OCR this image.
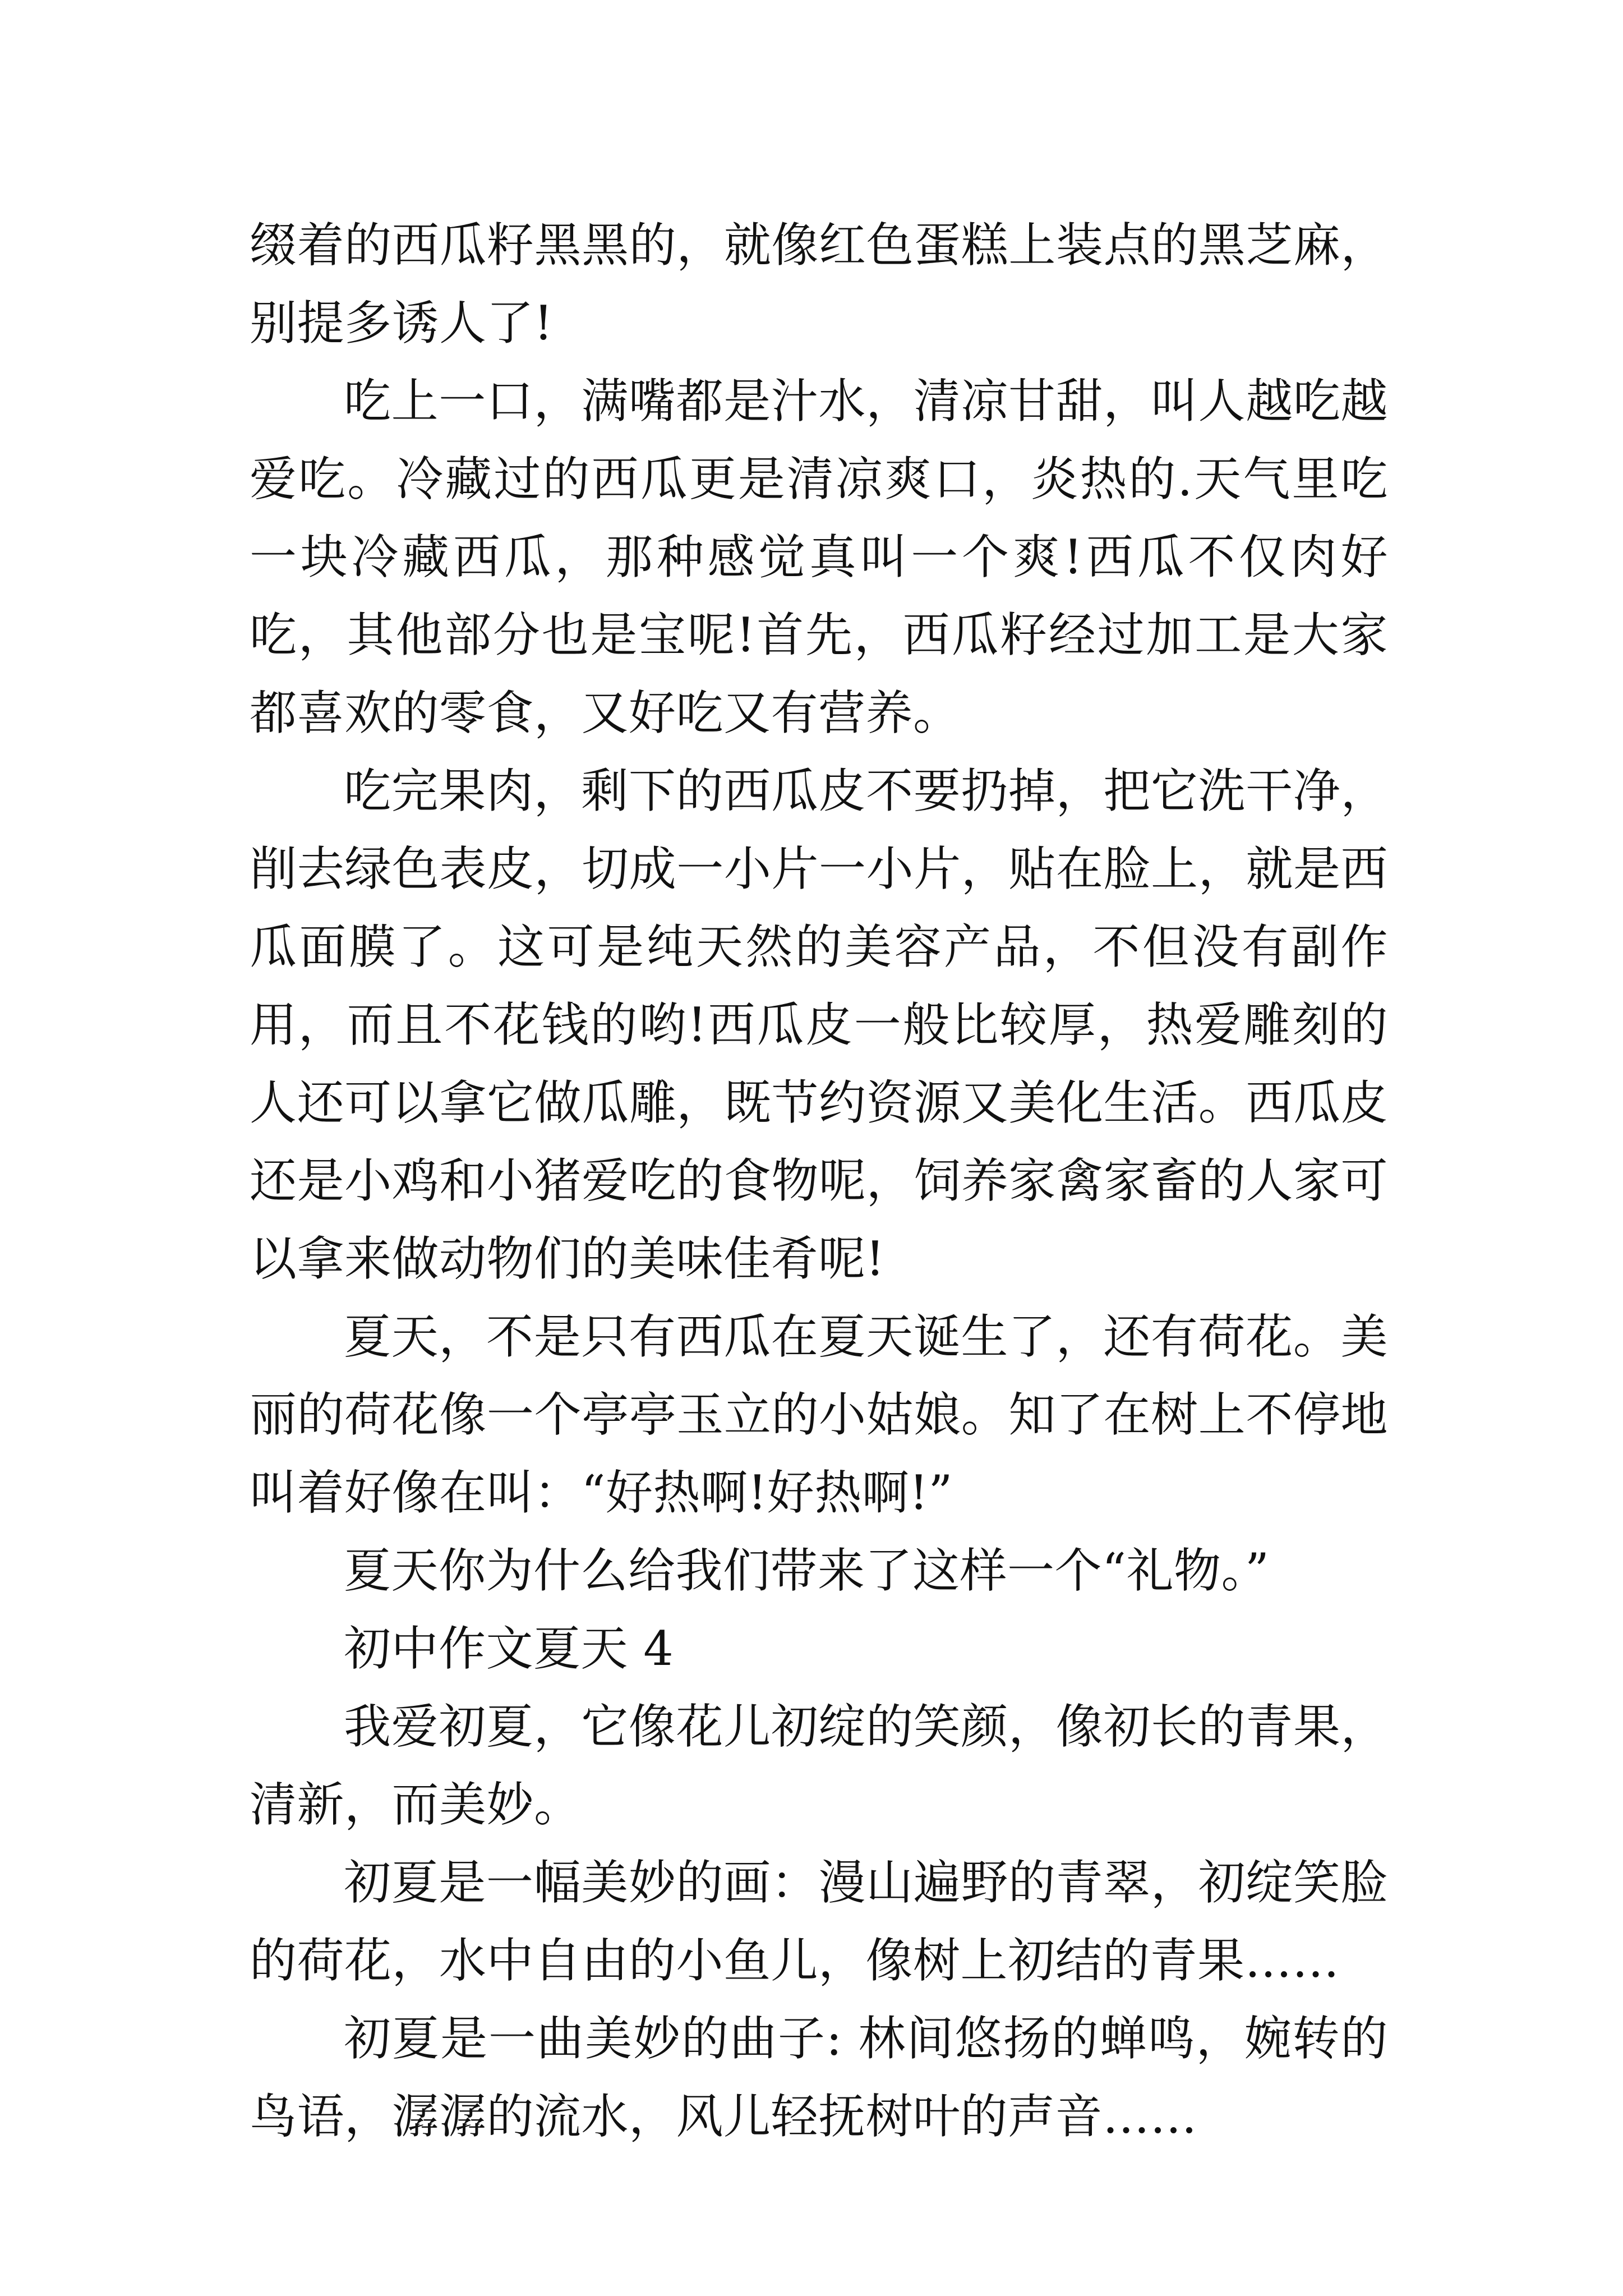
缀着的西瓜籽黑黑的，就像红色蛋糕上装点的黑芝麻，别提多诱人了!

吃上一口，满嘴都是汁水，清凉甘甜，叫人越吃越爱吃。冷藏过的西瓜更是清凉爽口，炎热的.天气里吃一块冷藏西瓜，那种感觉真叫一个爽!西瓜不仅肉好吃，其他部分也是宝呢!首先，西瓜籽经过加工是大家都喜欢的零食，又好吃又有营养。

吃完果肉，剩下的西瓜皮不要扔掉，把它洗干净，削去绿色表皮，切成一小片一小片，贴在脸上，就是西瓜面膜了。这可是纯天然的美容产品，不但没有副作用，而且不花钱的哟!西瓜皮一般比较厚，热爱雕刻的人还可以拿它做瓜雕，既节约资源又美化生活。西瓜皮还是小鸡和小猪爱吃的食物呢，饲养家禽家畜的人家可以拿来做动物们的美味佳肴呢!

夏天，不是只有西瓜在夏天诞生了，还有荷花。美丽的荷花像一个亭亭玉立的小姑娘。知了在树上不停地叫着好像在叫：“好热啊!好热啊!”

夏天你为什么给我们带来了这样一个“礼物。”

初中作文夏天 4

我爱初夏，它像花儿初绽的笑颜，像初长的青果，清新，而美妙。

初夏是一幅美妙的画：漫山遍野的青翠，初绽笑脸的荷花，水中自由的小鱼儿，像树上初结的青果……

初夏是一曲美妙的曲子: 林间悠扬的蝉鸣，婉转的鸟语，潺潺的流水，风儿轻抚树叶的声音……
